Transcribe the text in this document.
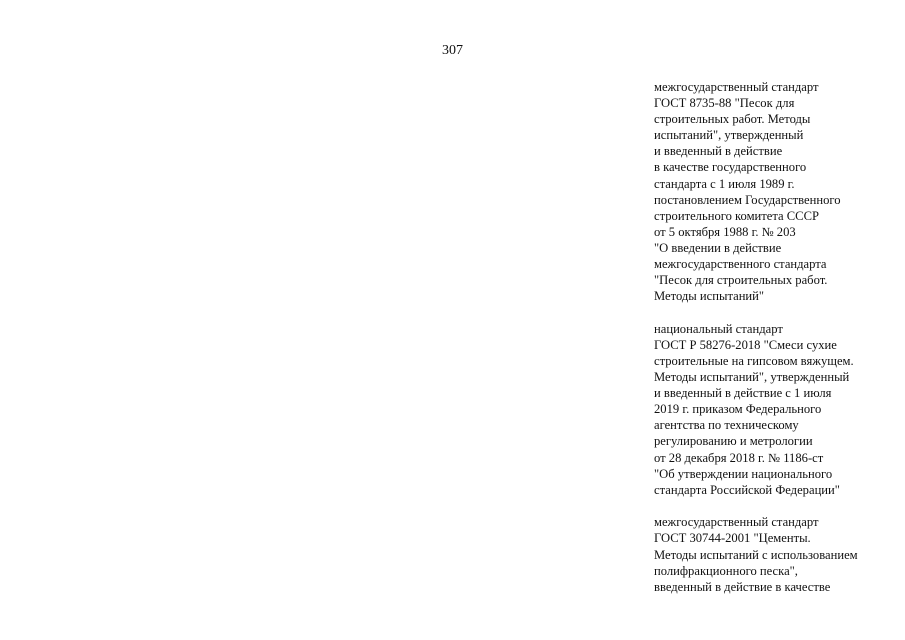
307
межгосударственный стандарт
ГОСТ 8735-88 "Песок для
строительных работ. Методы
испытаний", утвержденный
и введенный в действие
в качестве государственного
стандарта с 1 июля 1989 г.
постановлением Государственного
строительного комитета СССР
от 5 октября 1988 г. № 203
"О введении в действие
межгосударственного стандарта
"Песок для строительных работ.
Методы испытаний"
национальный стандарт
ГОСТ Р 58276-2018 "Смеси сухие
строительные на гипсовом вяжущем.
Методы испытаний", утвержденный
и введенный в действие с 1 июля
2019 г. приказом Федерального
агентства по техническому
регулированию и метрологии
от 28 декабря 2018 г. № 1186-ст
"Об утверждении национального
стандарта Российской Федерации"
межгосударственный стандарт
ГОСТ 30744-2001 "Цементы.
Методы испытаний с использованием
полифракционного песка",
введенный в действие в качестве
